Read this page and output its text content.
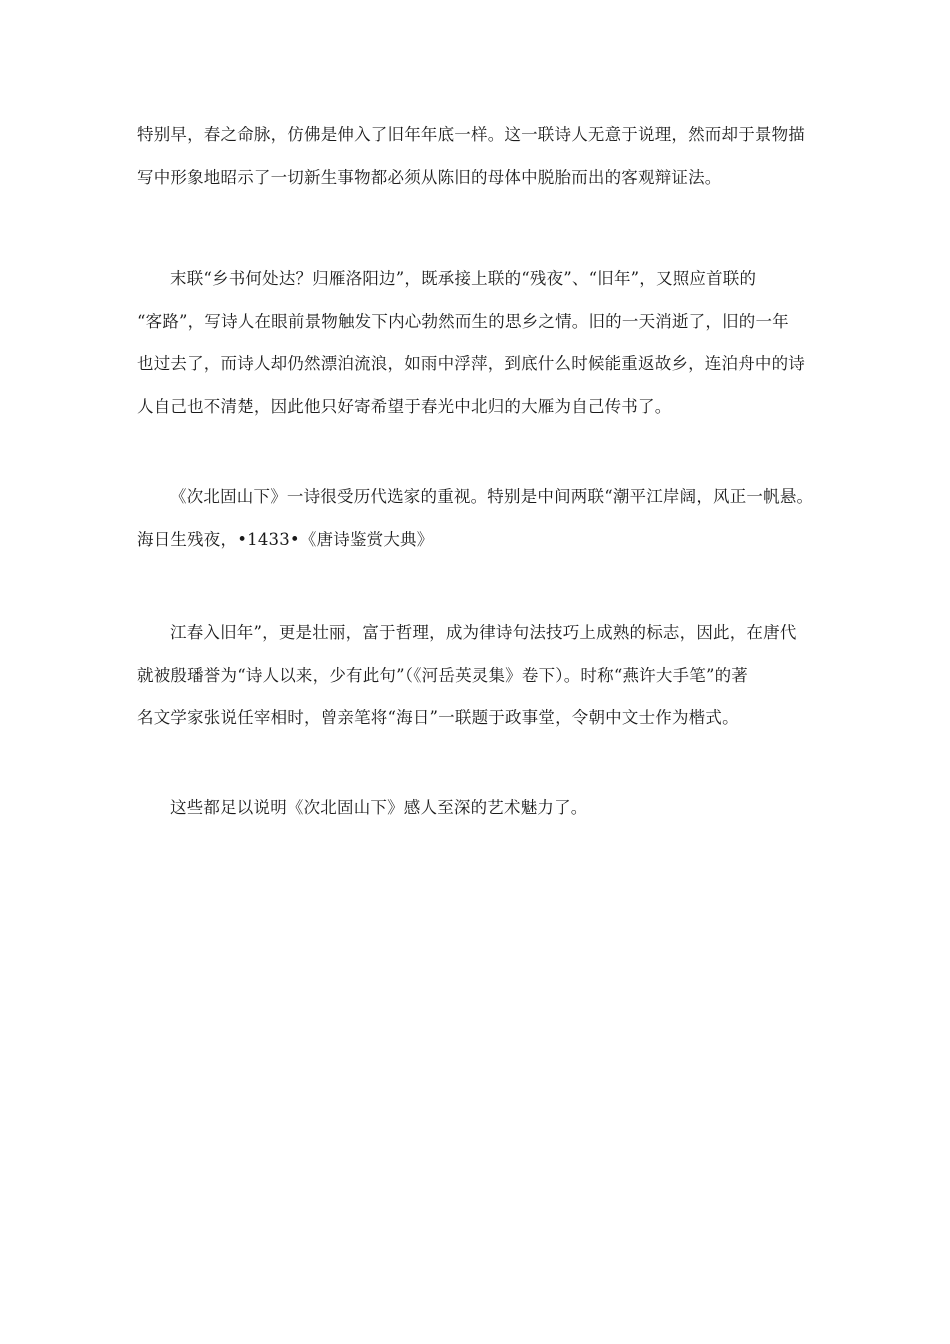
特别早，春之命脉，仿佛是伸入了旧年年底一样。这一联诗人无意于说理，然而却于景物描
写中形象地昭示了一切新生事物都必须从陈旧的母体中脱胎而出的客观辩证法。

末联“乡书何处达？归雁洛阳边”，既承接上联的“残夜”、“旧年”，又照应首联的
“客路”，写诗人在眼前景物触发下内心勃然而生的思乡之情。旧的一天消逝了，旧的一年
也过去了，而诗人却仍然漂泊流浪，如雨中浮萍，到底什么时候能重返故乡，连泊舟中的诗
人自己也不清楚，因此他只好寄希望于春光中北归的大雁为自己传书了。

《次北固山下》一诗很受历代选家的重视。特别是中间两联“潮平江岸阔，风正一帆悬。
海日生残夜，•1433•《唐诗鉴赏大典》

江春入旧年”，更是壮丽，富于哲理，成为律诗句法技巧上成熟的标志，因此，在唐代
就被殷璠誉为“诗人以来，少有此句”（《河岳英灵集》卷下）。时称“燕许大手笔”的著
名文学家张说任宰相时，曾亲笔将“海日”一联题于政事堂，令朝中文士作为楷式。

这些都足以说明《次北固山下》感人至深的艺术魅力了。
